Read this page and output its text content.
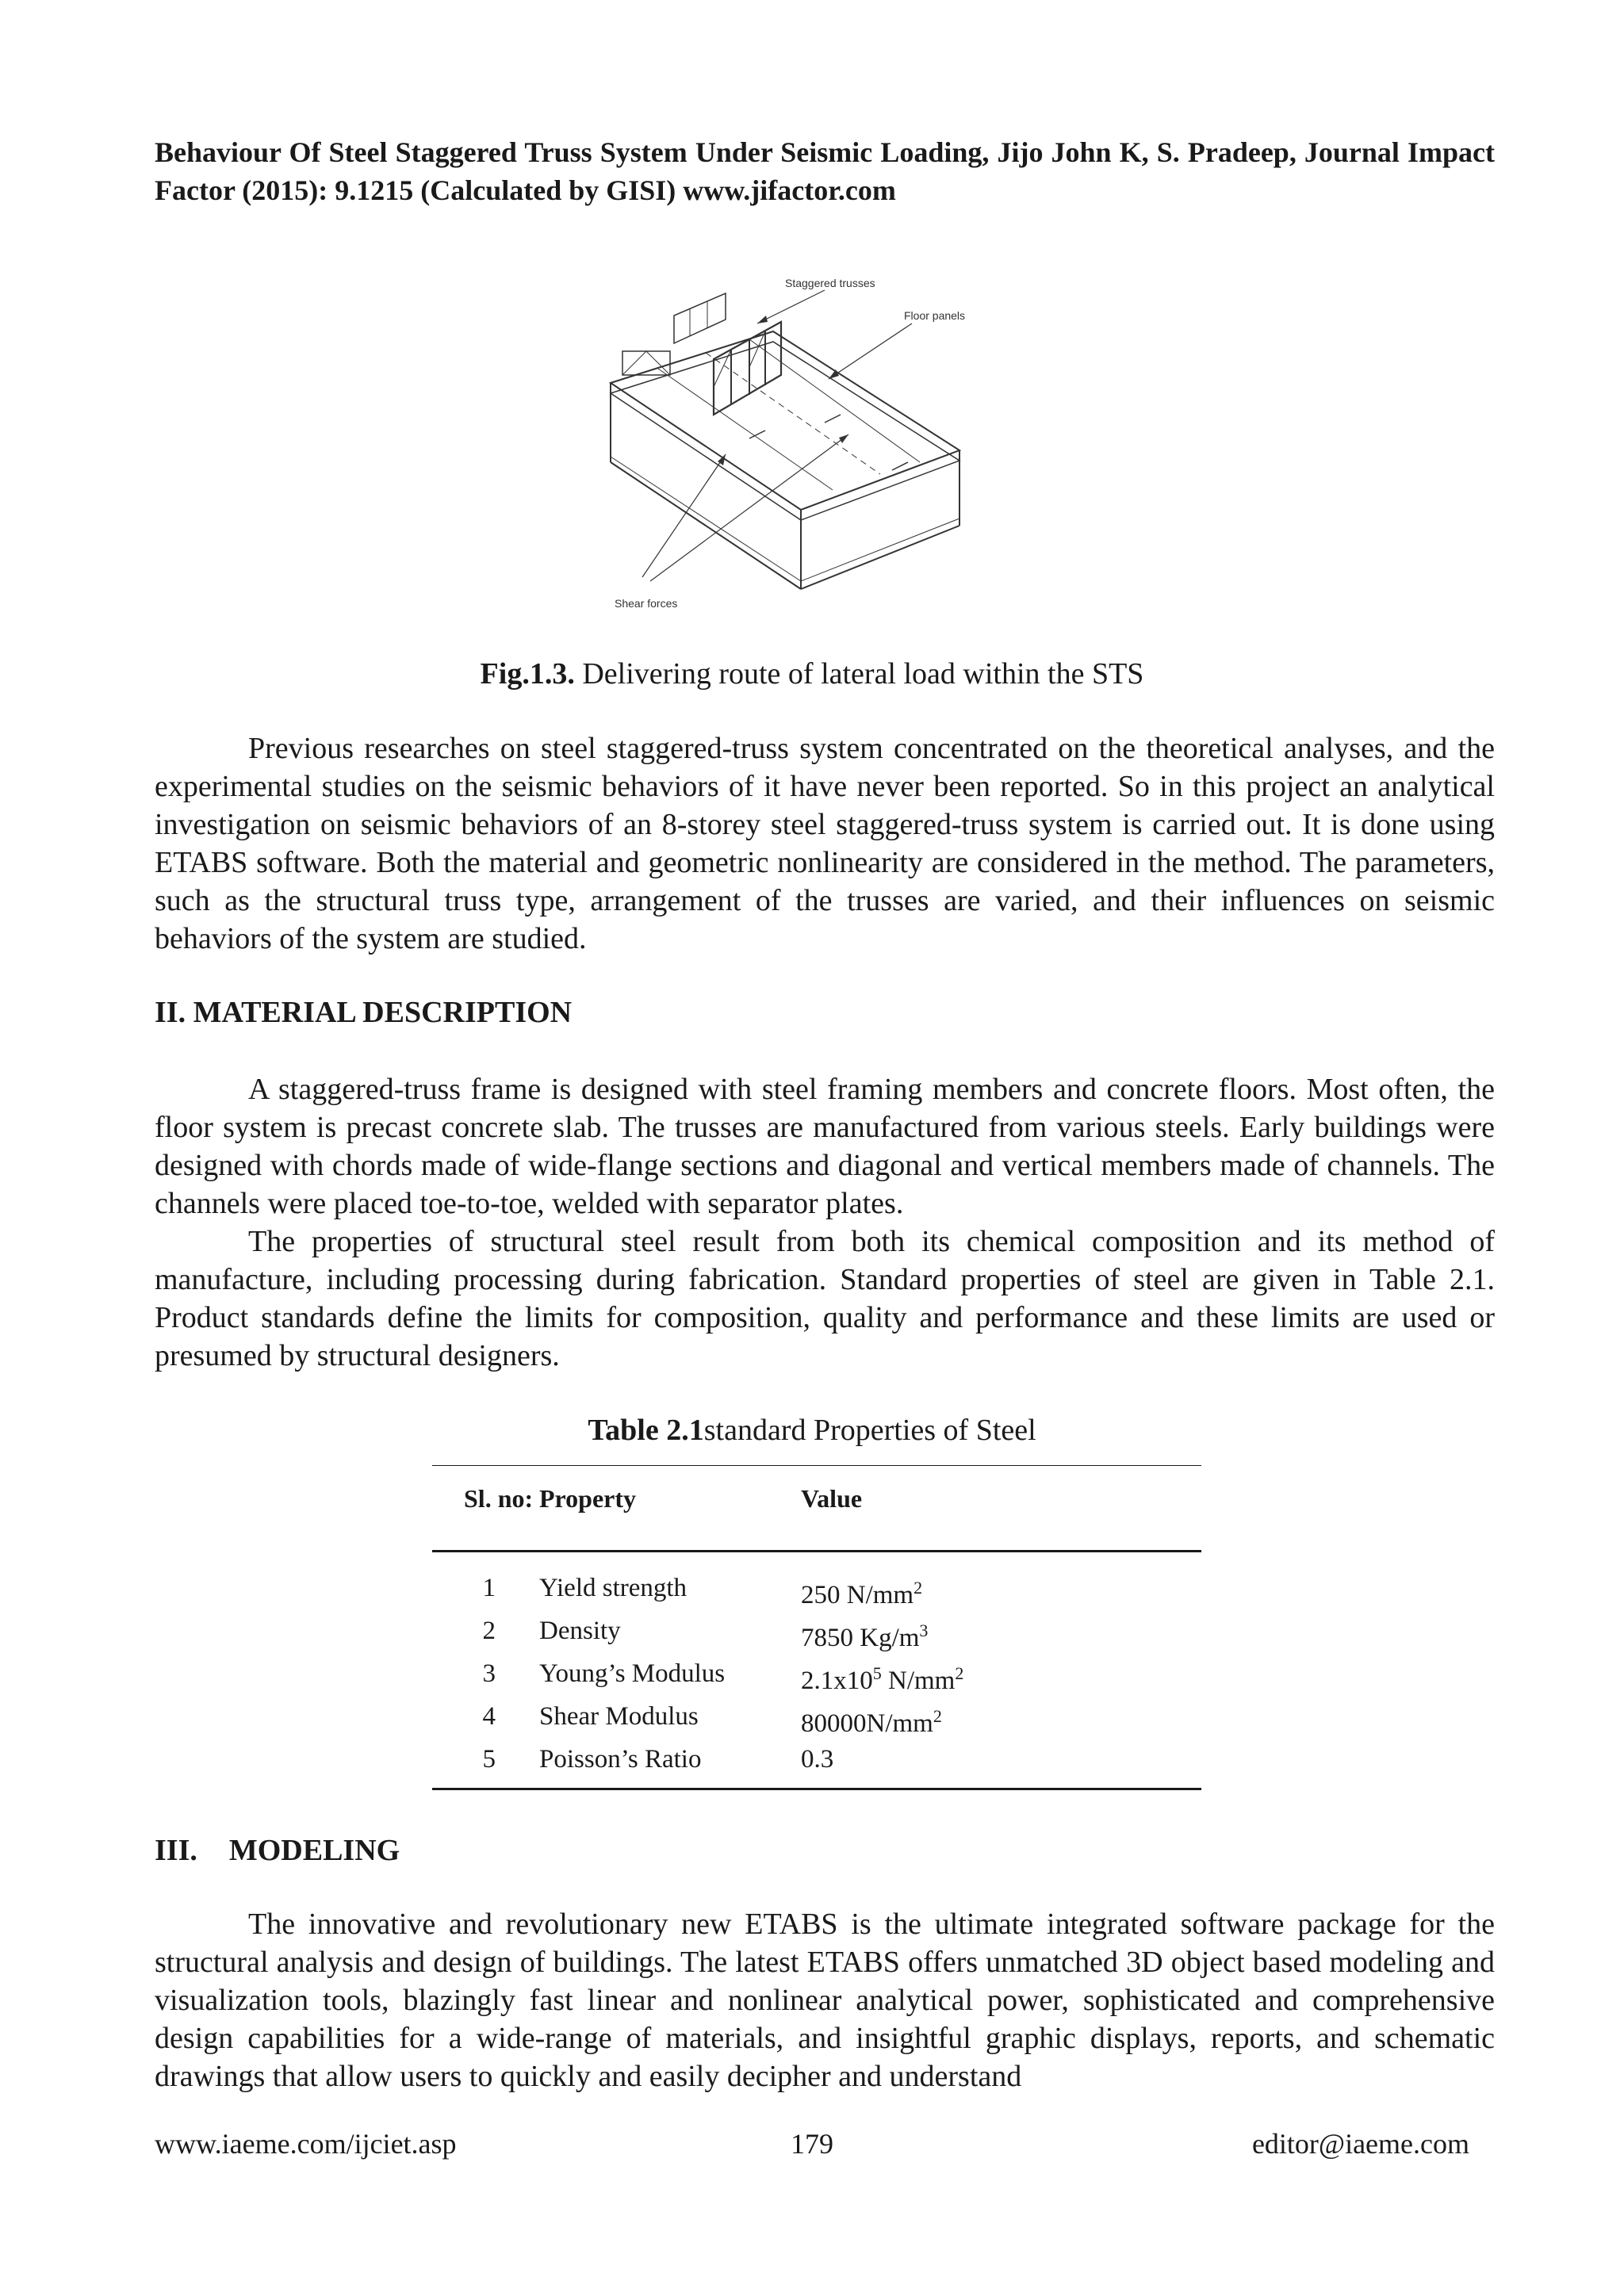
Behaviour Of Steel Staggered Truss System Under Seismic Loading, Jijo John K, S. Pradeep, Journal Impact Factor (2015): 9.1215 (Calculated by GISI) www.jifactor.com
Staggered trusses
Floor panels
Shear forces
Fig.1.3. Delivering route of lateral load within the STS

Previous researches on steel staggered-truss system concentrated on the theoretical analyses, and the experimental studies on the seismic behaviors of it have never been reported. So in this project an analytical investigation on seismic behaviors of an 8-storey steel staggered-truss system is carried out. It is done using ETABS software. Both the material and geometric nonlinearity are considered in the method. The parameters, such as the structural truss type, arrangement of the trusses are varied, and their influences on seismic behaviors of the system are studied.

II. MATERIAL DESCRIPTION

A staggered-truss frame is designed with steel framing members and concrete floors. Most often, the floor system is precast concrete slab. The trusses are manufactured from various steels. Early buildings were designed with chords made of wide-flange sections and diagonal and vertical members made of channels. The channels were placed toe-to-toe, welded with separator plates.

The properties of structural steel result from both its chemical composition and its method of manufacture, including processing during fabrication. Standard properties of steel are given in Table 2.1. Product standards define the limits for composition, quality and performance and these limits are used or presumed by structural designers.

Table 2.1standard Properties of Steel
Sl. no: Property	Value
1 Yield strength	250 $N/mm^2$
2 Density	7850 $Kg/m^3$
3 Young’s Modulus	$2.1x10^5$ $N/mm^2$
4 Shear Modulus	$80000N/mm^2$
5 Poisson’s Ratio	0.3
III. MODELING

The innovative and revolutionary new ETABS is the ultimate integrated software package for the structural analysis and design of buildings. The latest ETABS offers unmatched 3D object based modeling and visualization tools, blazingly fast linear and nonlinear analytical power, sophisticated and comprehensive design capabilities for a wide-range of materials, and insightful graphic displays, reports, and schematic drawings that allow users to quickly and easily decipher and understand

www.iaeme.com/ijciet.asp	179	editor@iaeme.com
